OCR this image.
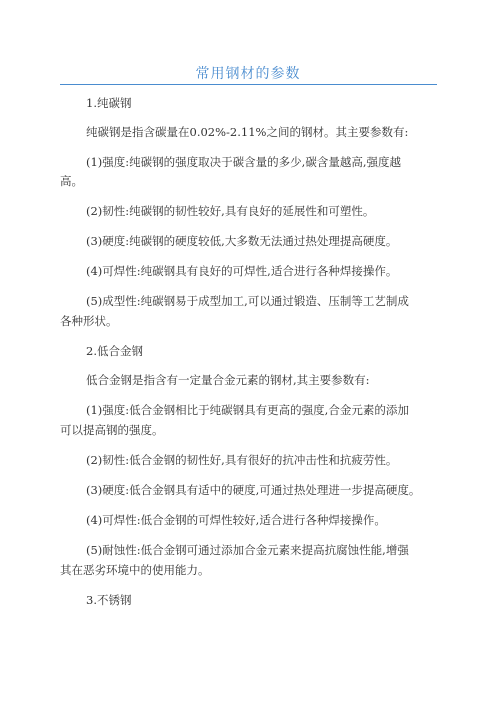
常用钢材的参数
1.纯碳钢
纯碳钢是指含碳量在0.02%-2.11%之间的钢材。其主要参数有:
(1)强度:纯碳钢的强度取决于碳含量的多少,碳含量越高,强度越
高。
(2)韧性:纯碳钢的韧性较好,具有良好的延展性和可塑性。
(3)硬度:纯碳钢的硬度较低,大多数无法通过热处理提高硬度。
(4)可焊性:纯碳钢具有良好的可焊性,适合进行各种焊接操作。
(5)成型性:纯碳钢易于成型加工,可以通过锻造、压制等工艺制成
各种形状。
2.低合金钢
低合金钢是指含有一定量合金元素的钢材,其主要参数有:
(1)强度:低合金钢相比于纯碳钢具有更高的强度,合金元素的添加
可以提高钢的强度。
(2)韧性:低合金钢的韧性好,具有很好的抗冲击性和抗疲劳性。
(3)硬度:低合金钢具有适中的硬度,可通过热处理进一步提高硬度。
(4)可焊性:低合金钢的可焊性较好,适合进行各种焊接操作。
(5)耐蚀性:低合金钢可通过添加合金元素来提高抗腐蚀性能,增强
其在恶劣环境中的使用能力。
3.不锈钢
